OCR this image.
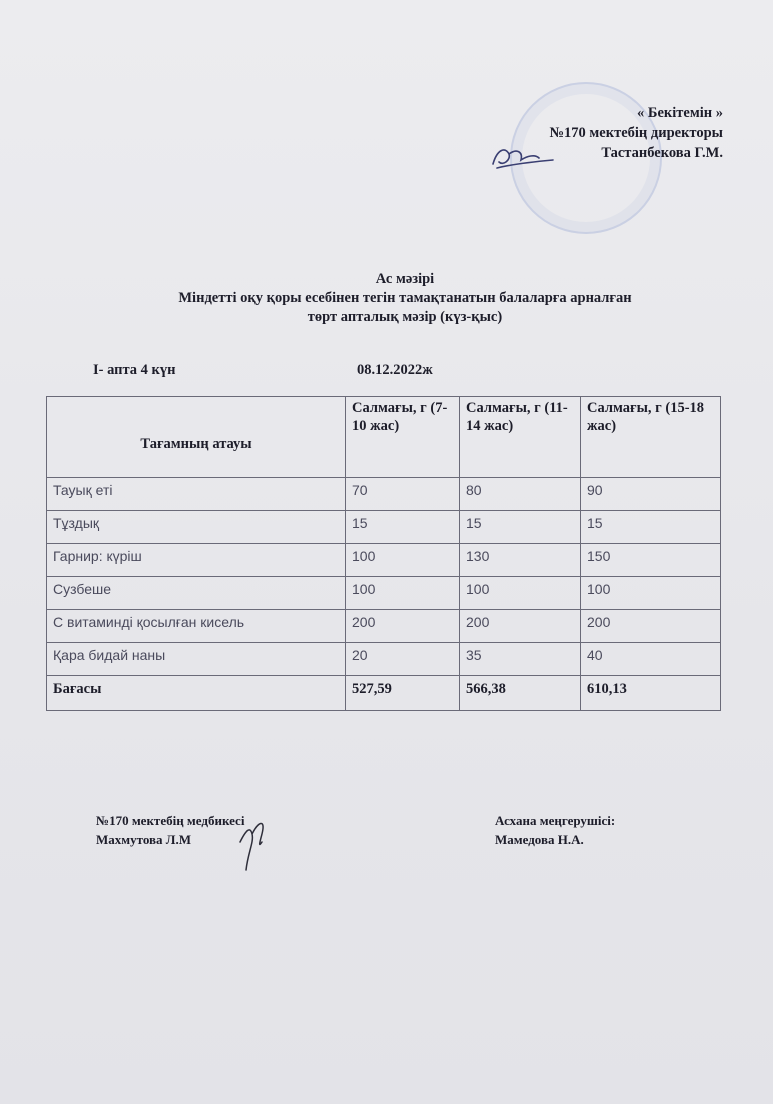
« Бекітемін »
№170 мектебің директоры
Тастанбекова Г.М.
Ас мәзірі
Міндетті оқу қоры есебінен тегін тамақтанатын балаларға арналған
төрт апталық мәзір (күз-қыс)
I- апта 4 күн	08.12.2022ж
Тағамның атауы	Салмағы, г (7-10 жас)	Салмағы, г (11-14 жас)	Салмағы, г (15-18 жас)
Тауық еті	70	80	90
Тұздық	15	15	15
Гарнир: күріш	100	130	150
Сузбеше	100	100	100
С витаминді қосылған кисель	200	200	200
Қара бидай наны	20	35	40
Бағасы	527,59	566,38	610,13
№170 мектебің медбикесі
Махмутова Л.М
Асхана меңгерушісі:
Мамедова Н.А.
